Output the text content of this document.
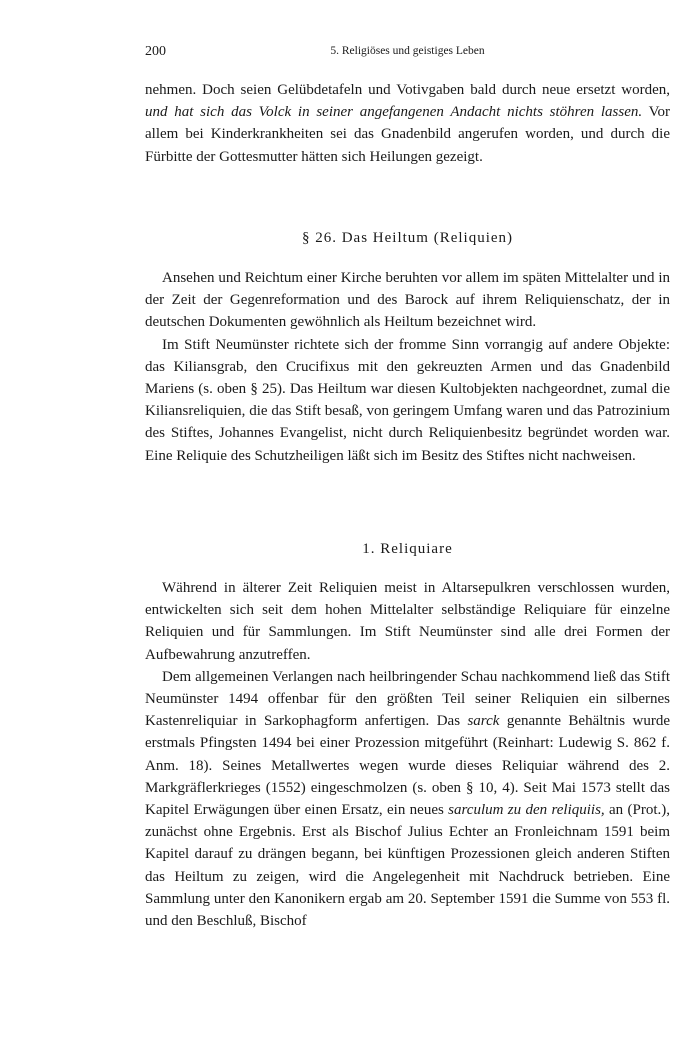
200	5. Religiöses und geistiges Leben

nehmen. Doch seien Gelübdetafeln und Votivgaben bald durch neue ersetzt worden, und hat sich das Volck in seiner angefangenen Andacht nichts stöhren lassen. Vor allem bei Kinderkrankheiten sei das Gnadenbild angerufen worden, und durch die Fürbitte der Gottesmutter hätten sich Heilungen gezeigt.

§ 26. Das Heiltum (Reliquien)

Ansehen und Reichtum einer Kirche beruhten vor allem im späten Mittelalter und in der Zeit der Gegenreformation und des Barock auf ihrem Reliquienschatz, der in deutschen Dokumenten gewöhnlich als Heiltum bezeichnet wird.

Im Stift Neumünster richtete sich der fromme Sinn vorrangig auf andere Objekte: das Kiliansgrab, den Crucifixus mit den gekreuzten Armen und das Gnadenbild Mariens (s. oben § 25). Das Heiltum war diesen Kultobjekten nachgeordnet, zumal die Kiliansreliquien, die das Stift besaß, von geringem Umfang waren und das Patrozinium des Stiftes, Johannes Evangelist, nicht durch Reliquienbesitz begründet worden war. Eine Reliquie des Schutzheiligen läßt sich im Besitz des Stiftes nicht nachweisen.

1. Reliquiare

Während in älterer Zeit Reliquien meist in Altarsepulkren verschlossen wurden, entwickelten sich seit dem hohen Mittelalter selbständige Reliquiare für einzelne Reliquien und für Sammlungen. Im Stift Neumünster sind alle drei Formen der Aufbewahrung anzutreffen.

Dem allgemeinen Verlangen nach heilbringender Schau nachkommend ließ das Stift Neumünster 1494 offenbar für den größten Teil seiner Reliquien ein silbernes Kastenreliquiar in Sarkophagform anfertigen. Das sarck genannte Behältnis wurde erstmals Pfingsten 1494 bei einer Prozession mitgeführt (Reinhart: Ludewig S. 862 f. Anm. 18). Seines Metallwertes wegen wurde dieses Reliquiar während des 2. Markgräflerkrieges (1552) eingeschmolzen (s. oben § 10, 4). Seit Mai 1573 stellt das Kapitel Erwägungen über einen Ersatz, ein neues sarculum zu den reliquiis, an (Prot.), zunächst ohne Ergebnis. Erst als Bischof Julius Echter an Fronleichnam 1591 beim Kapitel darauf zu drängen begann, bei künftigen Prozessionen gleich anderen Stiften das Heiltum zu zeigen, wird die Angelegenheit mit Nachdruck betrieben. Eine Sammlung unter den Kanonikern ergab am 20. September 1591 die Summe von 553 fl. und den Beschluß, Bischof
